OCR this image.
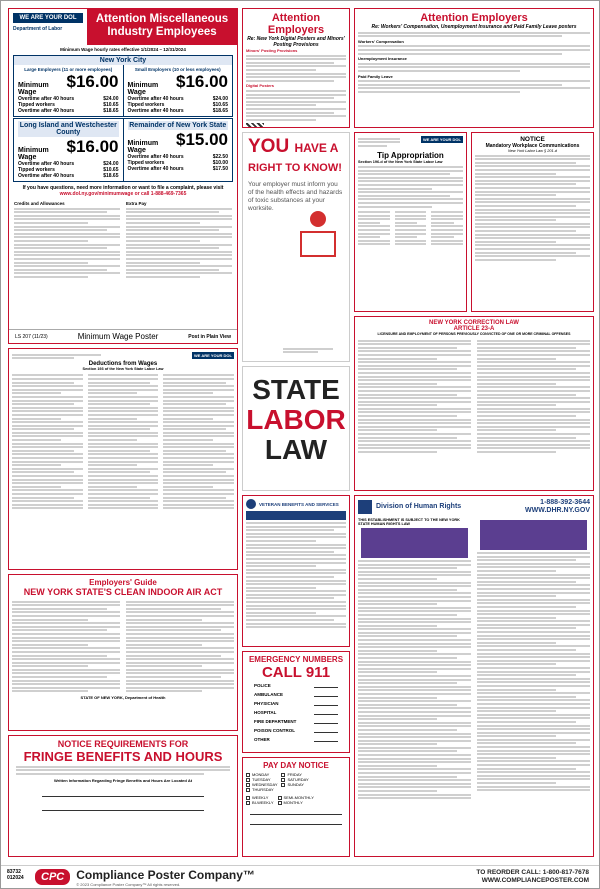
WE ARE YOUR DOL
Department of Labor
Attention Miscellaneous
Industry Employees
Minimum Wage hourly rates effective 1/1/2024 – 12/31/2024
New York City
Large Employers (11 or more employees)
Minimum Wage
$16.00
Overtime after 40 hours	$24.00
Tipped workers	$10.65
Overtime after 40 hours	$18.65
Small Employers (10 or less employees)
Minimum Wage
$16.00
Overtime after 40 hours	$24.00
Tipped workers	$10.65
Overtime after 40 hours	$18.65
Long Island and Westchester County
Minimum Wage
$16.00
Overtime after 40 hours	$24.00
Tipped workers	$10.65
Overtime after 40 hours	$18.65
Remainder of New York State
Minimum Wage
$15.00
Overtime after 40 hours	$22.50
Tipped workers	$10.00
Overtime after 40 hours	$17.50
If you have questions, need more information or want to file a complaint, please visit
www.dol.ny.gov/minimumwage or call 1-888-469-7365
Credits and Allowances	Extra Pay
LS 207 (11/23)	Minimum Wage Poster	Post in Plain View
Attention Employers
Re: New York Digital Posters and Minors' Posting Provisions
Minors' Posting Provisions
Digital Posters
Attention Employers
Re: Workers' Compensation, Unemployment Insurance and Paid Family Leave posters
Workers' Compensation
Unemployment Insurance
Paid Family Leave
WE ARE YOUR DOL
Tip Appropriation
Section 196-d of the New York State Labor Law
NOTICE
Mandatory Workplace Communications
New York Labor Law § 201-d
YOU HAVE A
RIGHT TO KNOW!
Your employer must inform you of the health effects and hazards of toxic substances at your worksite.
STATE
LABOR
LAW
NEW YORK CORRECTION LAW
ARTICLE 23-A
LICENSURE AND EMPLOYMENT OF PERSONS PREVIOUSLY CONVICTED OF ONE OR MORE CRIMINAL OFFENSES
WE ARE YOUR DOL
Deductions from Wages
Section 193 of the New York State Labor Law
VETERAN BENEFITS AND SERVICES	Division of Human Rights
1-888-392-3644
WWW.DHR.NY.GOV
THIS ESTABLISHMENT IS SUBJECT TO THE NEW YORK STATE HUMAN RIGHTS LAW
Employers' Guide
NEW YORK STATE'S CLEAN INDOOR AIR ACT
STATE OF NEW YORK, Department of Health
EMERGENCY NUMBERS
CALL 911
POLICE
AMBULANCE
PHYSICIAN
HOSPITAL
FIRE DEPARTMENT
POISON CONTROL
OTHER
NOTICE REQUIREMENTS FOR
FRINGE BENEFITS AND HOURS
Written Information Regarding Fringe Benefits and Hours Are Located At
PAY DAY NOTICE
MONDAY
TUESDAY
WEDNESDAY
THURSDAY
FRIDAY
SATURDAY
SUNDAY
WEEKLY
BI-WEEKLY
SEMI-MONTHLY
MONTHLY
83732
012024	CPC	Compliance Poster Company™
© 2023 Compliance Poster Company™ All rights reserved.
TO REORDER CALL: 1-800-817-7678
WWW.COMPLIANCEPOSTER.COM
